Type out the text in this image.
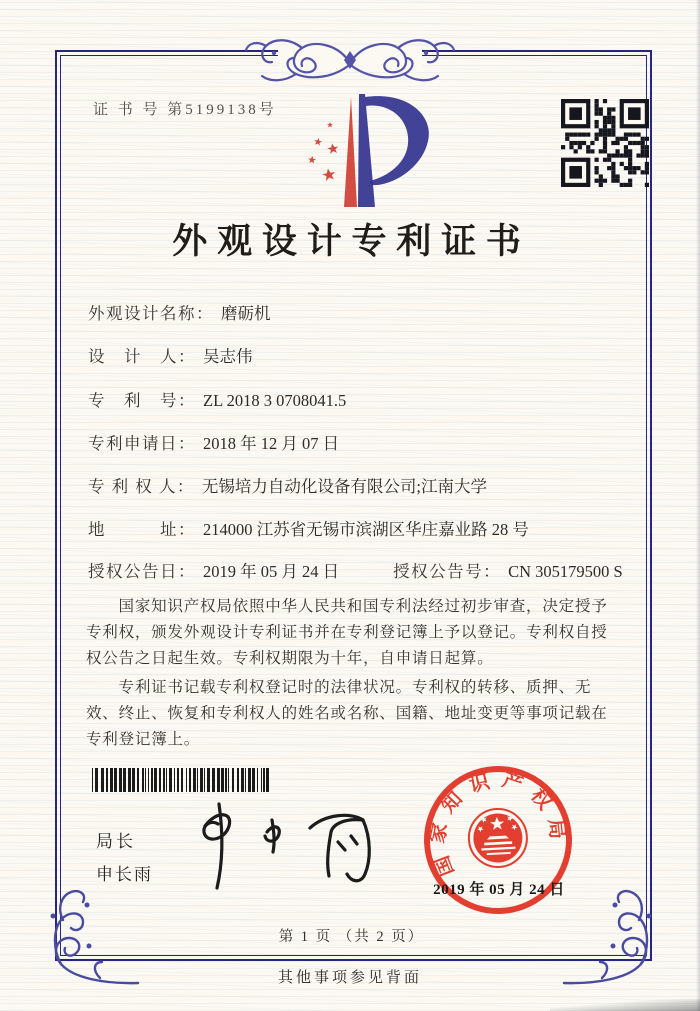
证 书 号 第5199138号
外观设计专利证书
外观设计名称： 磨砺机
设　计　人： 吴志伟
专　利　号： ZL 2018 3 0708041.5
专利申请日： 2018 年 12 月 07 日
专 利 权 人： 无锡培力自动化设备有限公司;江南大学
地　　　址： 214000 江苏省无锡市滨湖区华庄嘉业路 28 号
授权公告日： 2019 年 05 月 24 日	授权公告号： CN 305179500 S

国家知识产权局依照中华人民共和国专利法经过初步审查，决定授予专利权，颁发外观设计专利证书并在专利登记簿上予以登记。专利权自授权公告之日起生效。专利权期限为十年，自申请日起算。

专利证书记载专利权登记时的法律状况。专利权的转移、质押、无效、终止、恢复和专利权人的姓名或名称、国籍、地址变更等事项记载在专利登记簿上。

局长
申长雨	国家知识产权局
2019 年 05 月 24 日
第 1 页 （共 2 页）
其他事项参见背面
